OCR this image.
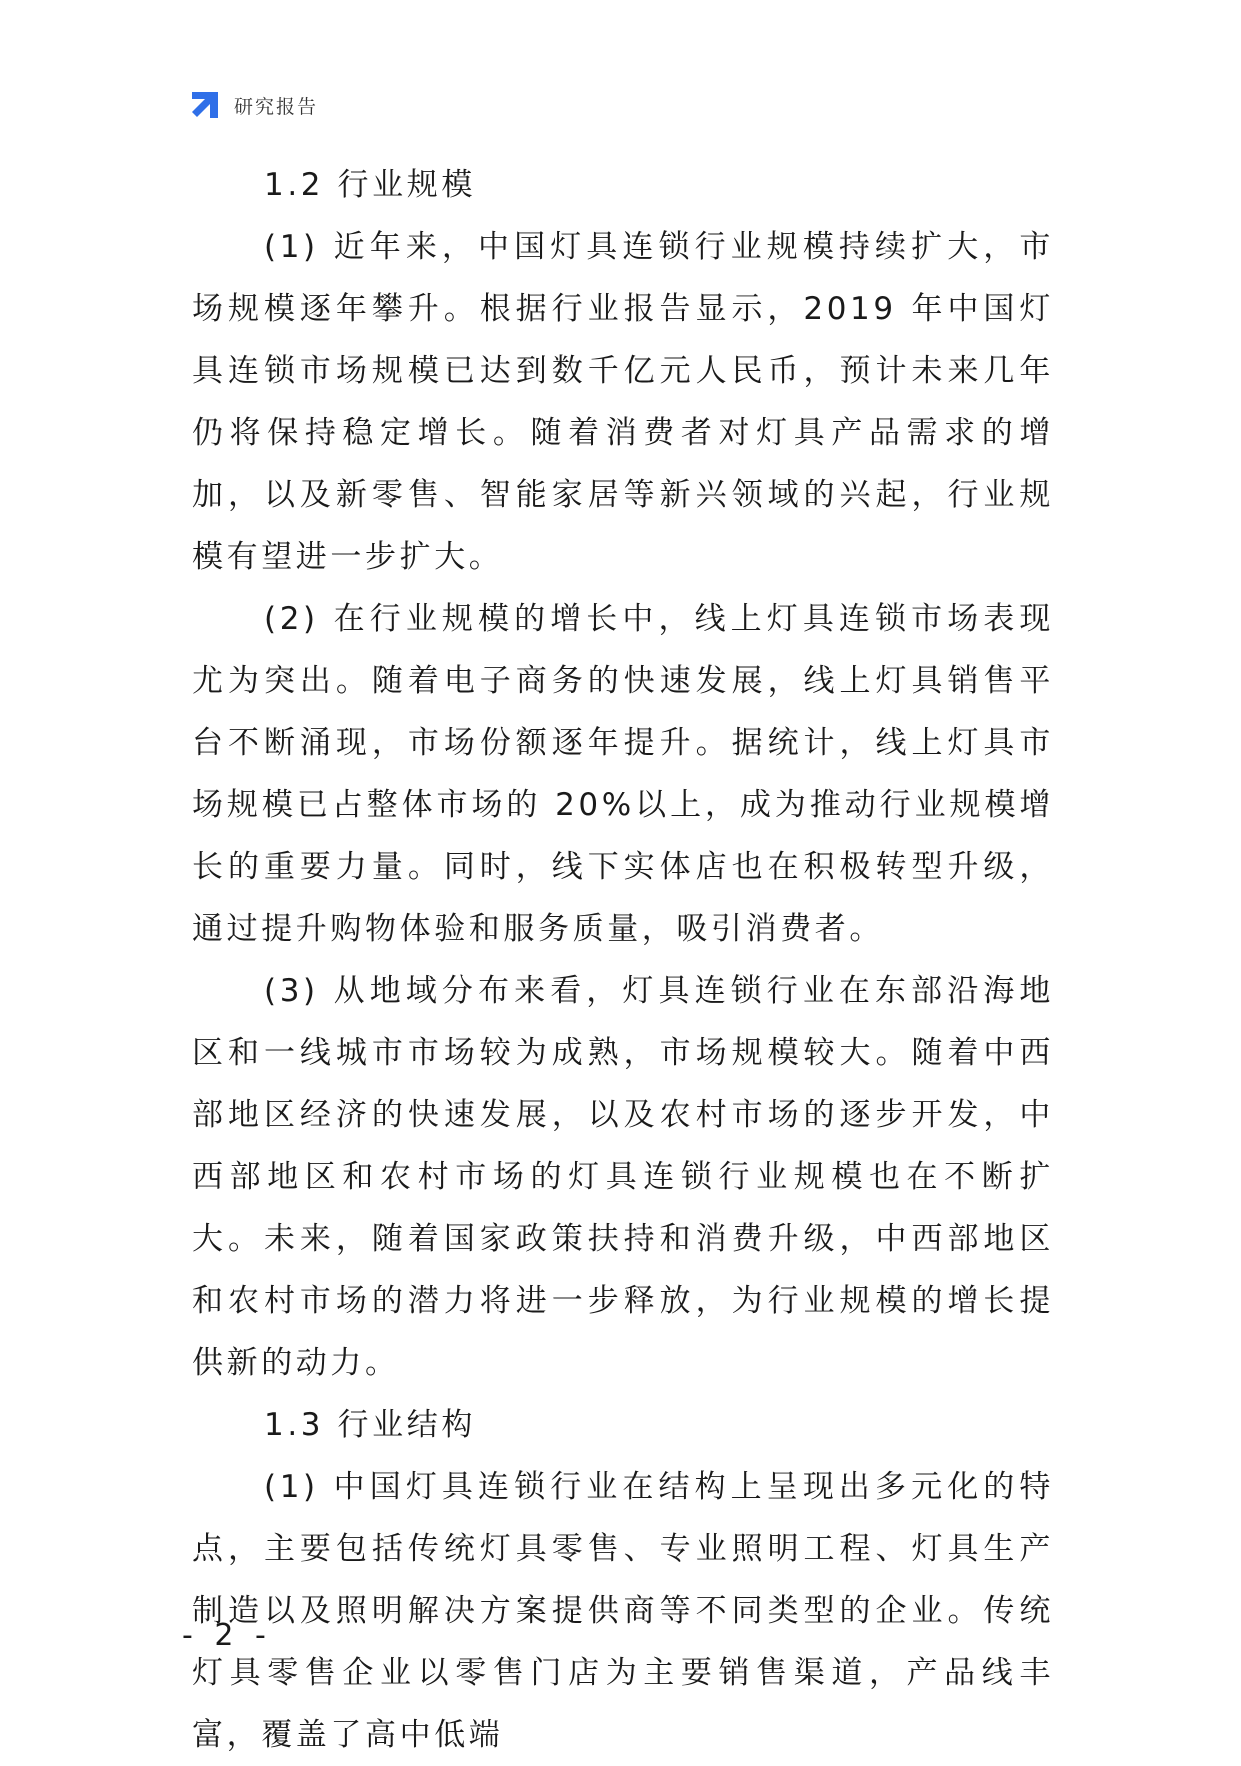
研究报告

1.2 行业规模

(1) 近年来，中国灯具连锁行业规模持续扩大，市场规模逐年攀升。根据行业报告显示，2019 年中国灯具连锁市场规模已达到数千亿元人民币，预计未来几年仍将保持稳定增长。随着消费者对灯具产品需求的增加，以及新零售、智能家居等新兴领域的兴起，行业规模有望进一步扩大。

(2) 在行业规模的增长中，线上灯具连锁市场表现尤为突出。随着电子商务的快速发展，线上灯具销售平台不断涌现，市场份额逐年提升。据统计，线上灯具市场规模已占整体市场的 20%以上，成为推动行业规模增长的重要力量。同时，线下实体店也在积极转型升级，通过提升购物体验和服务质量，吸引消费者。

(3) 从地域分布来看，灯具连锁行业在东部沿海地区和一线城市市场较为成熟，市场规模较大。随着中西部地区经济的快速发展，以及农村市场的逐步开发，中西部地区和农村市场的灯具连锁行业规模也在不断扩大。未来，随着国家政策扶持和消费升级，中西部地区和农村市场的潜力将进一步释放，为行业规模的增长提供新的动力。

1.3 行业结构

(1) 中国灯具连锁行业在结构上呈现出多元化的特点，主要包括传统灯具零售、专业照明工程、灯具生产制造以及照明解决方案提供商等不同类型的企业。传统灯具零售企业以零售门店为主要销售渠道，产品线丰富，覆盖了高中低端

- 2 -
